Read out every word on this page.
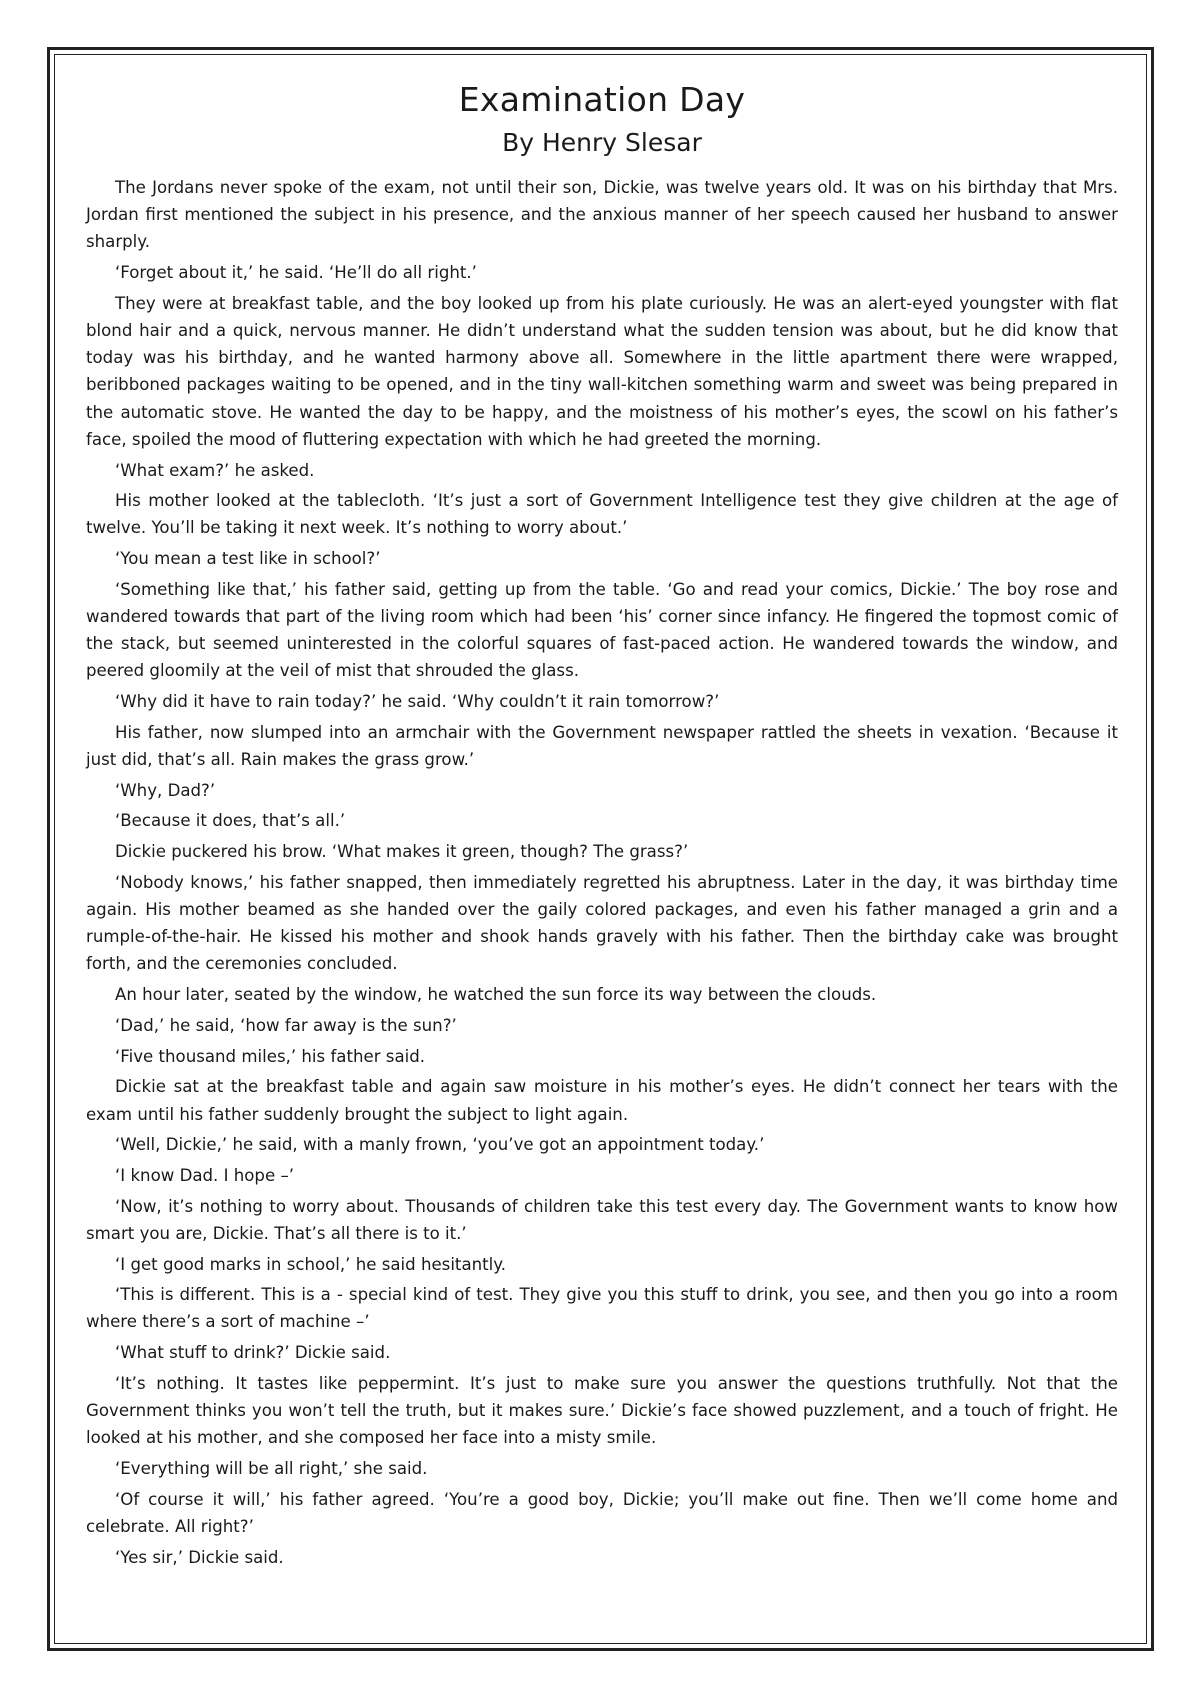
Examination Day
By Henry Slesar

The Jordans never spoke of the exam, not until their son, Dickie, was twelve years old. It was on his birthday that Mrs. Jordan first mentioned the subject in his presence, and the anxious manner of her speech caused her husband to answer sharply.

‘Forget about it,’ he said. ‘He’ll do all right.’

They were at breakfast table, and the boy looked up from his plate curiously. He was an alert-eyed youngster with flat blond hair and a quick, nervous manner. He didn’t understand what the sudden tension was about, but he did know that today was his birthday, and he wanted harmony above all. Somewhere in the little apartment there were wrapped, beribboned packages waiting to be opened, and in the tiny wall-kitchen something warm and sweet was being prepared in the automatic stove. He wanted the day to be happy, and the moistness of his mother’s eyes, the scowl on his father’s face, spoiled the mood of fluttering expectation with which he had greeted the morning.

‘What exam?’ he asked.

His mother looked at the tablecloth. ‘It’s just a sort of Government Intelligence test they give children at the age of twelve. You’ll be taking it next week. It’s nothing to worry about.’

‘You mean a test like in school?’

‘Something like that,’ his father said, getting up from the table. ‘Go and read your comics, Dickie.’ The boy rose and wandered towards that part of the living room which had been ‘his’ corner since infancy. He fingered the topmost comic of the stack, but seemed uninterested in the colorful squares of fast-paced action. He wandered towards the window, and peered gloomily at the veil of mist that shrouded the glass.

‘Why did it have to rain today?’ he said. ‘Why couldn’t it rain tomorrow?’

His father, now slumped into an armchair with the Government newspaper rattled the sheets in vexation. ‘Because it just did, that’s all. Rain makes the grass grow.’

‘Why, Dad?’

‘Because it does, that’s all.’

Dickie puckered his brow. ‘What makes it green, though? The grass?’

‘Nobody knows,’ his father snapped, then immediately regretted his abruptness. Later in the day, it was birthday time again. His mother beamed as she handed over the gaily colored packages, and even his father managed a grin and a rumple-of-the-hair. He kissed his mother and shook hands gravely with his father. Then the birthday cake was brought forth, and the ceremonies concluded.

An hour later, seated by the window, he watched the sun force its way between the clouds.

‘Dad,’ he said, ‘how far away is the sun?’

‘Five thousand miles,’ his father said.

Dickie sat at the breakfast table and again saw moisture in his mother’s eyes. He didn’t connect her tears with the exam until his father suddenly brought the subject to light again.

‘Well, Dickie,’ he said, with a manly frown, ‘you’ve got an appointment today.’

‘I know Dad. I hope –’

‘Now, it’s nothing to worry about. Thousands of children take this test every day. The Government wants to know how smart you are, Dickie. That’s all there is to it.’

‘I get good marks in school,’ he said hesitantly.

‘This is different. This is a - special kind of test. They give you this stuff to drink, you see, and then you go into a room where there’s a sort of machine –’

‘What stuff to drink?’ Dickie said.

‘It’s nothing. It tastes like peppermint. It’s just to make sure you answer the questions truthfully. Not that the Government thinks you won’t tell the truth, but it makes sure.’ Dickie’s face showed puzzlement, and a touch of fright. He looked at his mother, and she composed her face into a misty smile.

‘Everything will be all right,’ she said.

‘Of course it will,’ his father agreed. ‘You’re a good boy, Dickie; you’ll make out fine. Then we’ll come home and celebrate. All right?’

‘Yes sir,’ Dickie said.
